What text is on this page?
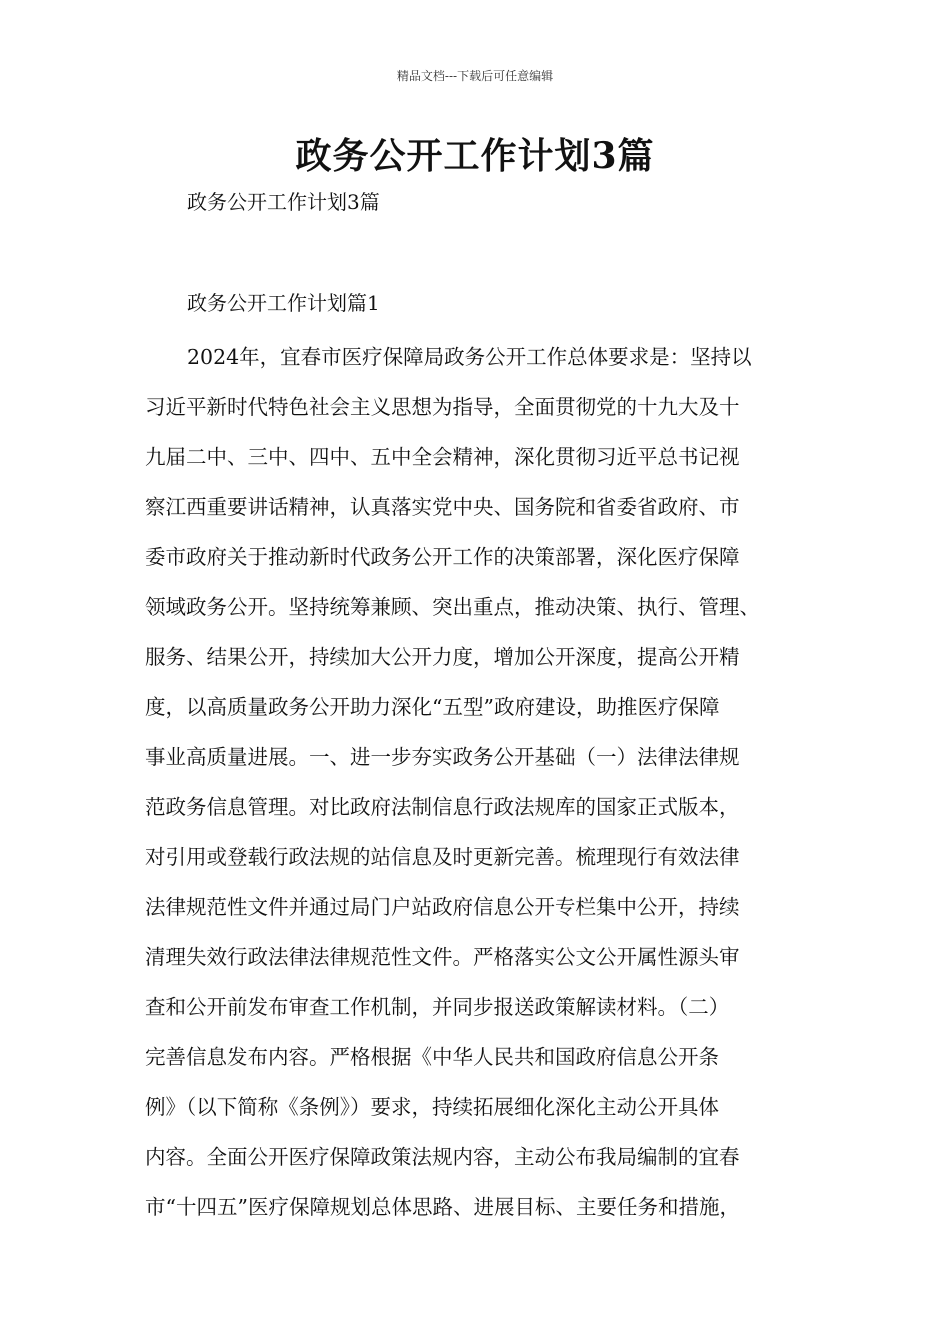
精品文档---下载后可任意编辑
政务公开工作计划3篇

政务公开工作计划3篇

政务公开工作计划篇1

2024年，宜春市医疗保障局政务公开工作总体要求是：坚持以
习近平新时代特色社会主义思想为指导，全面贯彻党的十九大及十
九届二中、三中、四中、五中全会精神，深化贯彻习近平总书记视
察江西重要讲话精神，认真落实党中央、国务院和省委省政府、市
委市政府关于推动新时代政务公开工作的决策部署，深化医疗保障
领域政务公开。坚持统筹兼顾、突出重点，推动决策、执行、管理、
服务、结果公开，持续加大公开力度，增加公开深度，提高公开精
度，以高质量政务公开助力深化“五型”政府建设，助推医疗保障
事业高质量进展。一、进一步夯实政务公开基础（一）法律法律规
范政务信息管理。对比政府法制信息行政法规库的国家正式版本，
对引用或登载行政法规的站信息及时更新完善。梳理现行有效法律
法律规范性文件并通过局门户站政府信息公开专栏集中公开，持续
清理失效行政法律法律规范性文件。严格落实公文公开属性源头审
查和公开前发布审查工作机制，并同步报送政策解读材料。（二）
完善信息发布内容。严格根据《中华人民共和国政府信息公开条
例》（以下简称《条例》）要求，持续拓展细化深化主动公开具体
内容。全面公开医疗保障政策法规内容，主动公布我局编制的宜春
市“十四五”医疗保障规划总体思路、进展目标、主要任务和措施，
